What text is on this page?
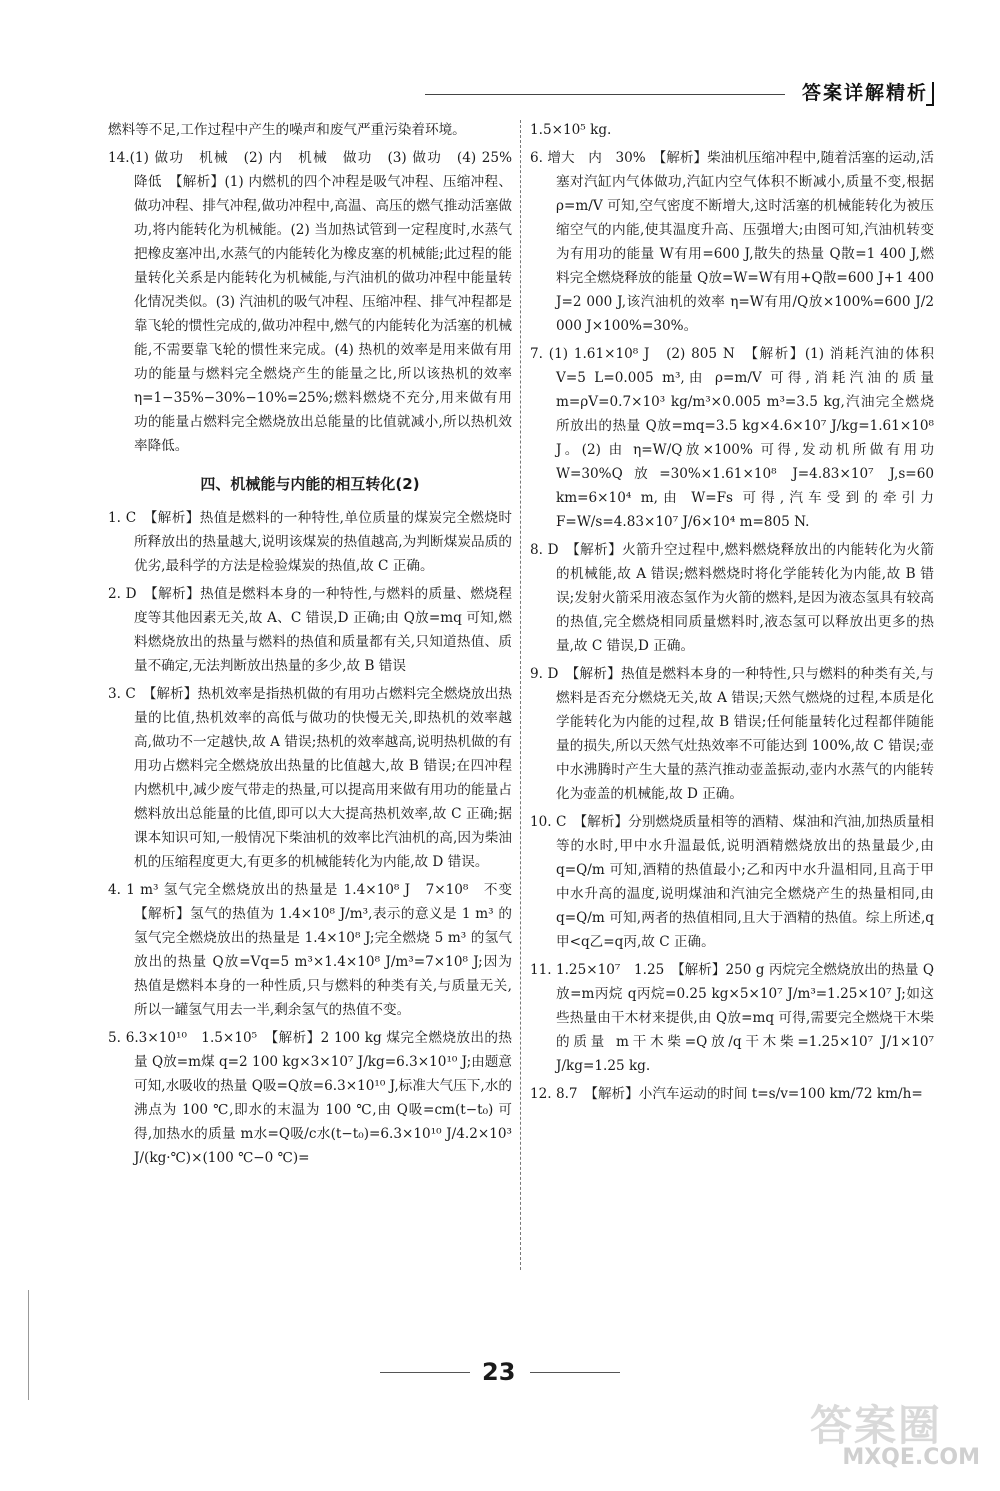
答案详解精析

燃料等不足,工作过程中产生的噪声和废气严重污染着环境。

14.(1) 做功　机械　(2) 内　机械　做功　(3) 做功　(4) 25%　降低　【解析】(1) 内燃机的四个冲程是吸气冲程、压缩冲程、做功冲程、排气冲程,做功冲程中,高温、高压的燃气推动活塞做功,将内能转化为机械能。(2) 当加热试管到一定程度时,水蒸气把橡皮塞冲出,水蒸气的内能转化为橡皮塞的机械能;此过程的能量转化关系是内能转化为机械能,与汽油机的做功冲程中能量转化情况类似。(3) 汽油机的吸气冲程、压缩冲程、排气冲程都是靠飞轮的惯性完成的,做功冲程中,燃气的内能转化为活塞的机械能,不需要靠飞轮的惯性来完成。(4) 热机的效率是用来做有用功的能量与燃料完全燃烧产生的能量之比,所以该热机的效率 η=1−35%−30%−10%=25%;燃料燃烧不充分,用来做有用功的能量占燃料完全燃烧放出总能量的比值就减小,所以热机效率降低。

四、机械能与内能的相互转化(2)

1. C　【解析】热值是燃料的一种特性,单位质量的煤炭完全燃烧时所释放出的热量越大,说明该煤炭的热值越高,为判断煤炭品质的优劣,最科学的方法是检验煤炭的热值,故 C 正确。

2. D　【解析】热值是燃料本身的一种特性,与燃料的质量、燃烧程度等其他因素无关,故 A、C 错误,D 正确;由 Q放=mq 可知,燃料燃烧放出的热量与燃料的热值和质量都有关,只知道热值、质量不确定,无法判断放出热量的多少,故 B 错误

3. C　【解析】热机效率是指热机做的有用功占燃料完全燃烧放出热量的比值,热机效率的高低与做功的快慢无关,即热机的效率越高,做功不一定越快,故 A 错误;热机的效率越高,说明热机做的有用功占燃料完全燃烧放出热量的比值越大,故 B 错误;在四冲程内燃机中,减少废气带走的热量,可以提高用来做有用功的能量占燃料放出总能量的比值,即可以大大提高热机效率,故 C 正确;据课本知识可知,一般情况下柴油机的效率比汽油机的高,因为柴油机的压缩程度更大,有更多的机械能转化为内能,故 D 错误。

4. 1 m³ 氢气完全燃烧放出的热量是 1.4×10⁸ J　7×10⁸　不变　【解析】氢气的热值为 1.4×10⁸ J/m³,表示的意义是 1 m³ 的氢气完全燃烧放出的热量是 1.4×10⁸ J;完全燃烧 5 m³ 的氢气放出的热量 Q放=Vq=5 m³×1.4×10⁸ J/m³=7×10⁸ J;因为热值是燃料本身的一种性质,只与燃料的种类有关,与质量无关,所以一罐氢气用去一半,剩余氢气的热值不变。

5. 6.3×10¹⁰　1.5×10⁵　【解析】2 100 kg 煤完全燃烧放出的热量 Q放=m煤 q=2 100 kg×3×10⁷ J/kg=6.3×10¹⁰ J;由题意可知,水吸收的热量 Q吸=Q放=6.3×10¹⁰ J,标准大气压下,水的沸点为 100 ℃,即水的末温为 100 ℃,由 Q吸=cm(t−t₀) 可得,加热水的质量 m水=Q吸/c水(t−t₀)=6.3×10¹⁰ J/4.2×10³ J/(kg·℃)×(100 ℃−0 ℃)=

1.5×10⁵ kg.

6. 增大　内　30%　【解析】柴油机压缩冲程中,随着活塞的运动,活塞对汽缸内气体做功,汽缸内空气体积不断减小,质量不变,根据 ρ=m/V 可知,空气密度不断增大,这时活塞的机械能转化为被压缩空气的内能,使其温度升高、压强增大;由图可知,汽油机转变为有用功的能量 W有用=600 J,散失的热量 Q散=1 400 J,燃料完全燃烧释放的能量 Q放=W=W有用+Q散=600 J+1 400 J=2 000 J,该汽油机的效率 η=W有用/Q放×100%=600 J/2 000 J×100%=30%。

7. (1) 1.61×10⁸ J　(2) 805 N　【解析】(1) 消耗汽油的体积 V=5 L=0.005 m³,由 ρ=m/V 可得,消耗汽油的质量 m=ρV=0.7×10³ kg/m³×0.005 m³=3.5 kg,汽油完全燃烧所放出的热量 Q放=mq=3.5 kg×4.6×10⁷ J/kg=1.61×10⁸ J。(2) 由 η=W/Q放×100% 可得,发动机所做有用功 W=30%Q放=30%×1.61×10⁸ J=4.83×10⁷ J,s=60 km=6×10⁴ m,由 W=Fs 可得,汽车受到的牵引力 F=W/s=4.83×10⁷ J/6×10⁴ m=805 N.

8. D　【解析】火箭升空过程中,燃料燃烧释放出的内能转化为火箭的机械能,故 A 错误;燃料燃烧时将化学能转化为内能,故 B 错误;发射火箭采用液态氢作为火箭的燃料,是因为液态氢具有较高的热值,完全燃烧相同质量燃料时,液态氢可以释放出更多的热量,故 C 错误,D 正确。

9. D　【解析】热值是燃料本身的一种特性,只与燃料的种类有关,与燃料是否充分燃烧无关,故 A 错误;天然气燃烧的过程,本质是化学能转化为内能的过程,故 B 错误;任何能量转化过程都伴随能量的损失,所以天然气灶热效率不可能达到 100%,故 C 错误;壶中水沸腾时产生大量的蒸汽推动壶盖振动,壶内水蒸气的内能转化为壶盖的机械能,故 D 正确。

10. C　【解析】分别燃烧质量相等的酒精、煤油和汽油,加热质量相等的水时,甲中水升温最低,说明酒精燃烧放出的热量最少,由 q=Q/m 可知,酒精的热值最小;乙和丙中水升温相同,且高于甲中水升高的温度,说明煤油和汽油完全燃烧产生的热量相同,由 q=Q/m 可知,两者的热值相同,且大于酒精的热值。综上所述,q甲<q乙=q丙,故 C 正确。

11. 1.25×10⁷　1.25　【解析】250 g 丙烷完全燃烧放出的热量 Q放=m丙烷 q丙烷=0.25 kg×5×10⁷ J/m³=1.25×10⁷ J;如这些热量由干木材来提供,由 Q放=mq 可得,需要完全燃烧干木柴的质量 m干木柴=Q放/q干木柴=1.25×10⁷ J/1×10⁷ J/kg=1.25 kg.

12. 8.7　【解析】小汽车运动的时间 t=s/v=100 km/72 km/h=

23
答案圈
MXQE.COM
